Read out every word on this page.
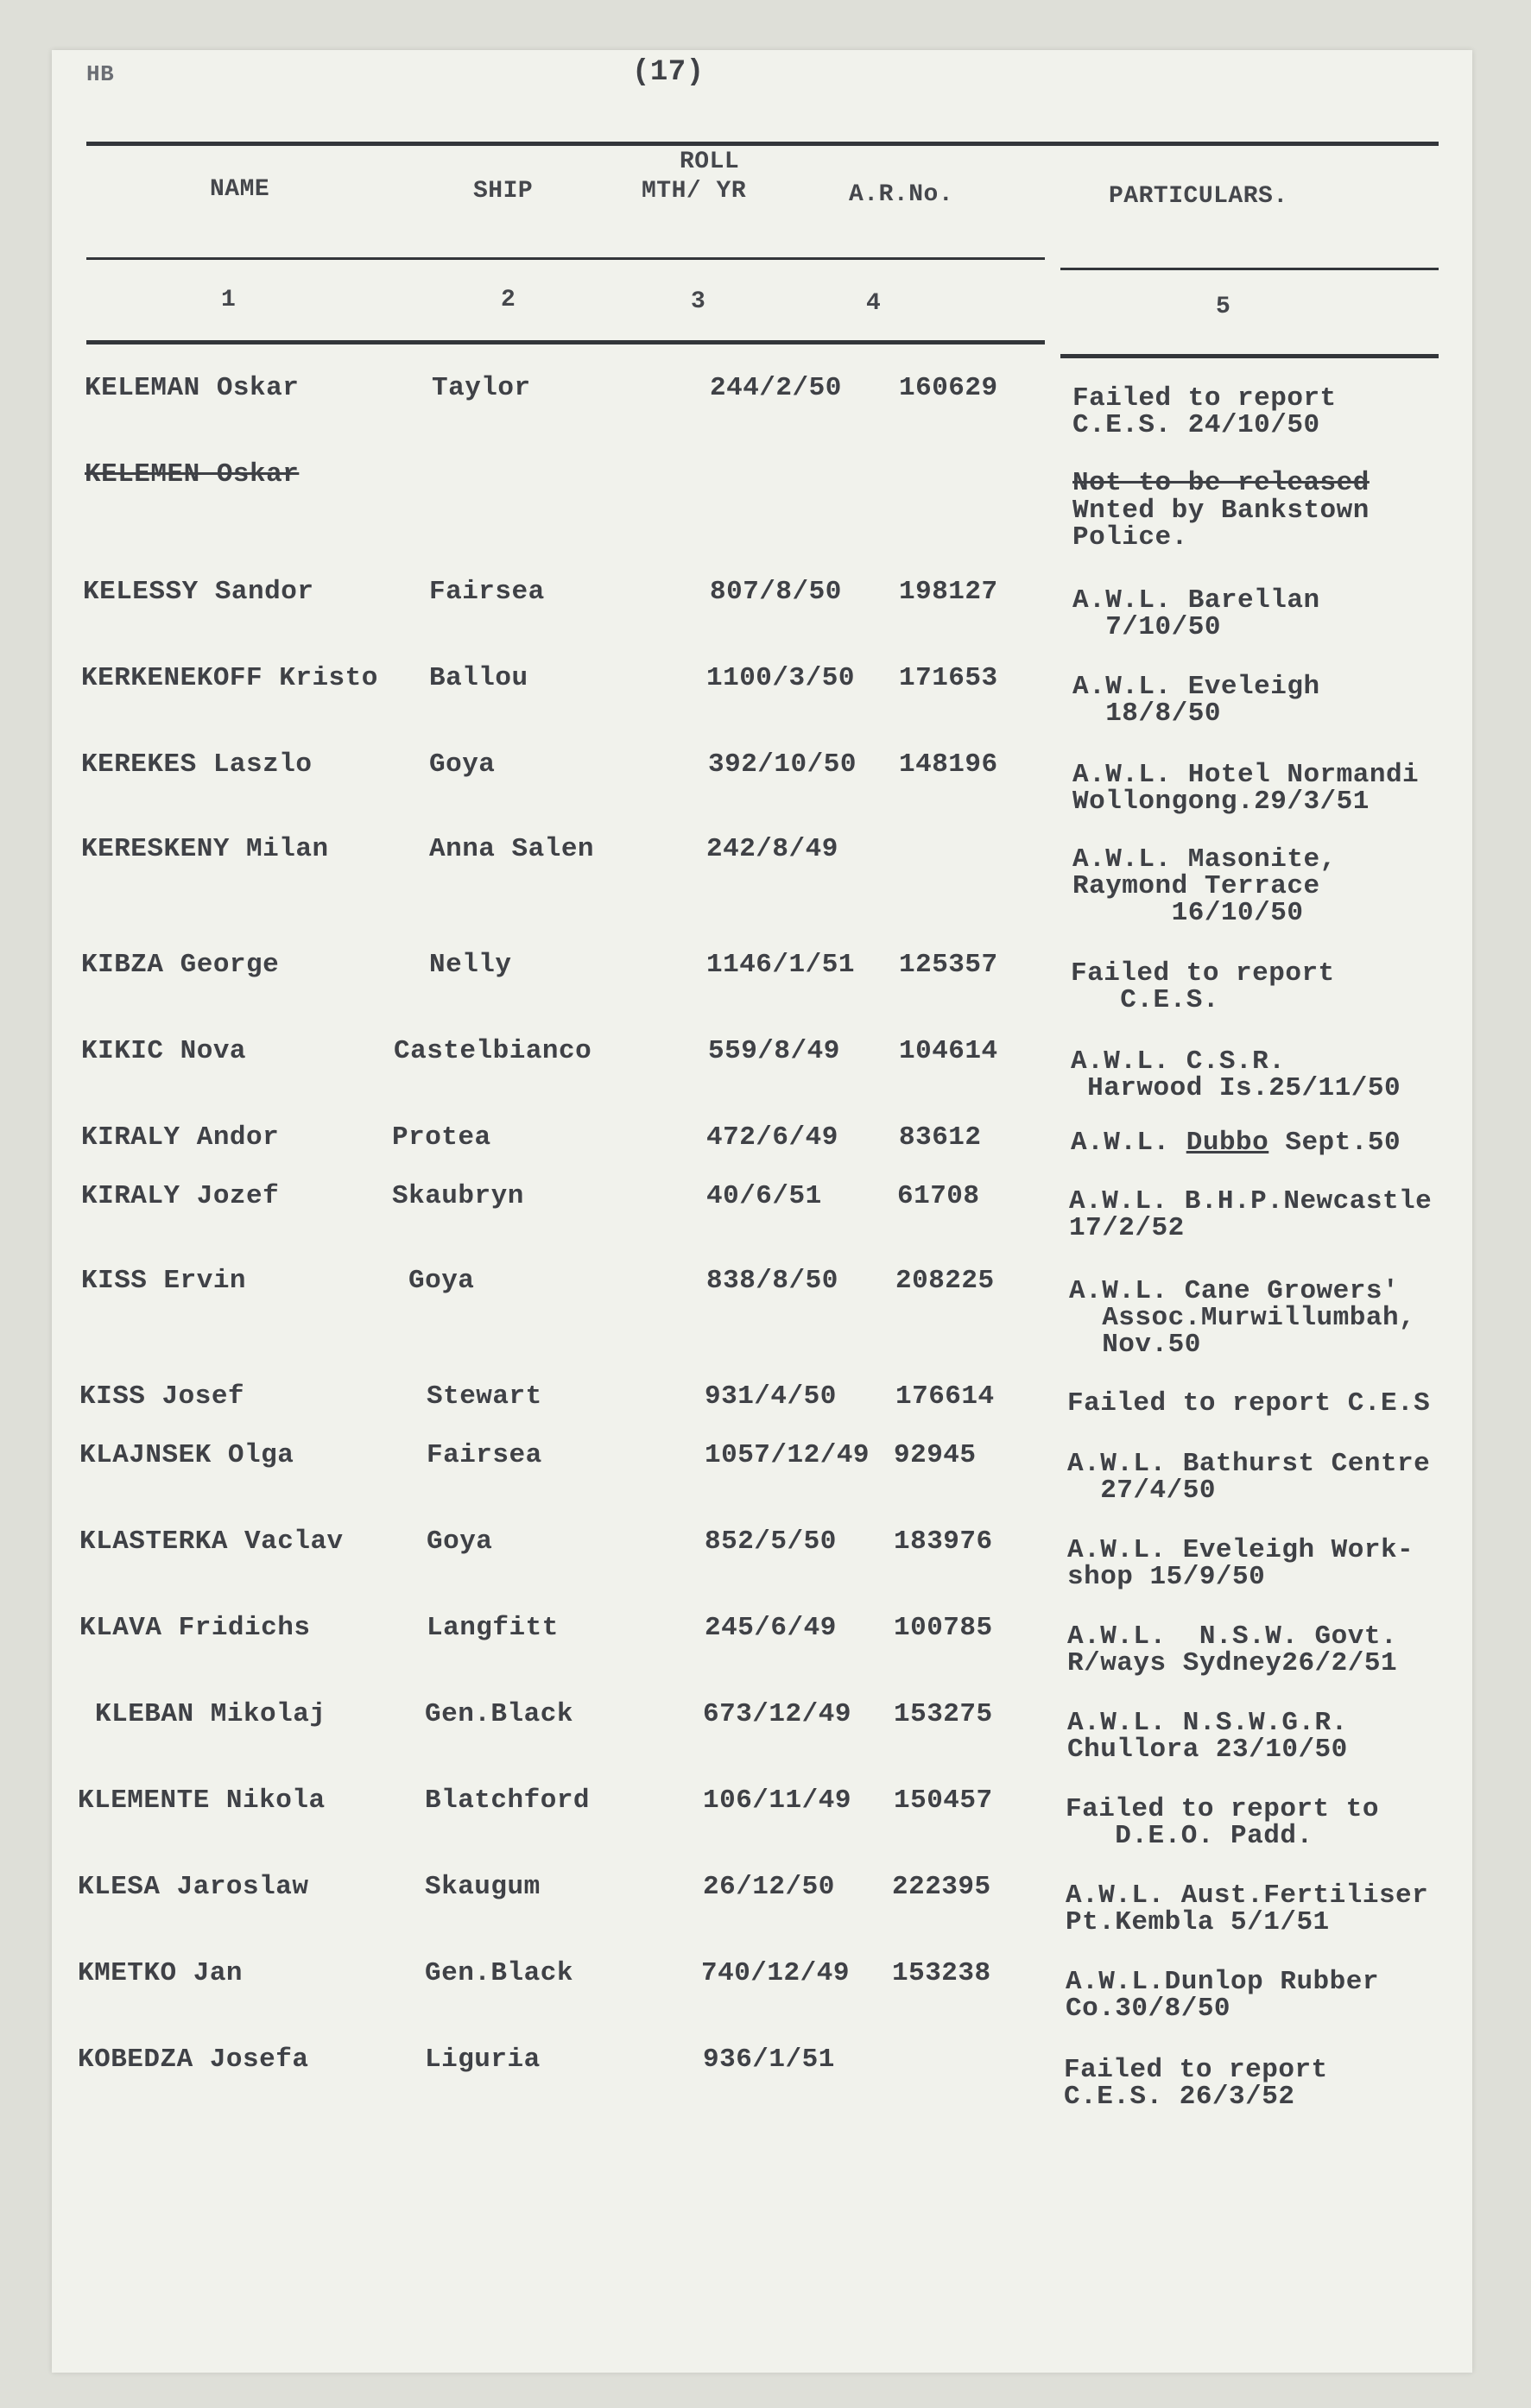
HB	(17)
NAME	SHIP
ROLL
MTH/ YR	A.R.No.	PARTICULARS.
1	2	3	4	5
KELEMAN Oskar	Taylor	244/2/50 160629	Failed to report
C.E.S. 24/10/50
KELEMEN Oskar	Not to be released
Wnted by Bankstown
Police.
KELESSY Sandor	Fairsea	807/8/50 198127	A.W.L. Barellan
7/10/50
KERKENEKOFF Kristo Ballou	1100/3/50 171653	A.W.L. Eveleigh
18/8/50
KEREKES Laszlo	Goya	392/10/50 148196	A.W.L. Hotel Normandi
Wollongong.29/3/51
KERESKENY Milan	Anna Salen	242/8/49	A.W.L. Masonite,
Raymond Terrace
16/10/50
KIBZA George	Nelly	1146/1/51 125357	Failed to report
C.E.S.
KIKIC Nova	Castelbianco	559/8/49 104614	A.W.L. C.S.R.
Harwood Is.25/11/50
KIRALY Andor	Protea	472/6/49 83612	A.W.L. Dubbo Sept.50
KIRALY Jozef	Skaubryn	40/6/51	61708	A.W.L. B.H.P.Newcastle
17/2/52
KISS Ervin	Goya	838/8/50 208225	A.W.L. Cane Growers'
Assoc.Murwillumbah,
Nov.50
KISS Josef	Stewart	931/4/50 176614	Failed to report C.E.S
KLAJNSEK Olga	Fairsea	1057/12/49 92945	A.W.L. Bathurst Centre
27/4/50
KLASTERKA Vaclav	Goya	852/5/50 183976	A.W.L. Eveleigh Work-
shop 15/9/50
KLAVA Fridichs	Langfitt	245/6/49 100785	A.W.L.  N.S.W. Govt.
R/ways Sydney26/2/51
KLEBAN Mikolaj	Gen.Black	673/12/49 153275	A.W.L. N.S.W.G.R.
Chullora 23/10/50
KLEMENTE Nikola	Blatchford	106/11/49 150457	Failed to report to
D.E.O. Padd.
KLESA Jaroslaw	Skaugum	26/12/50 222395	A.W.L. Aust.Fertiliser
Pt.Kembla 5/1/51
KMETKO Jan	Gen.Black	740/12/49 153238	A.W.L.Dunlop Rubber
Co.30/8/50
KOBEDZA Josefa	Liguria	936/1/51	Failed to report
C.E.S. 26/3/52
